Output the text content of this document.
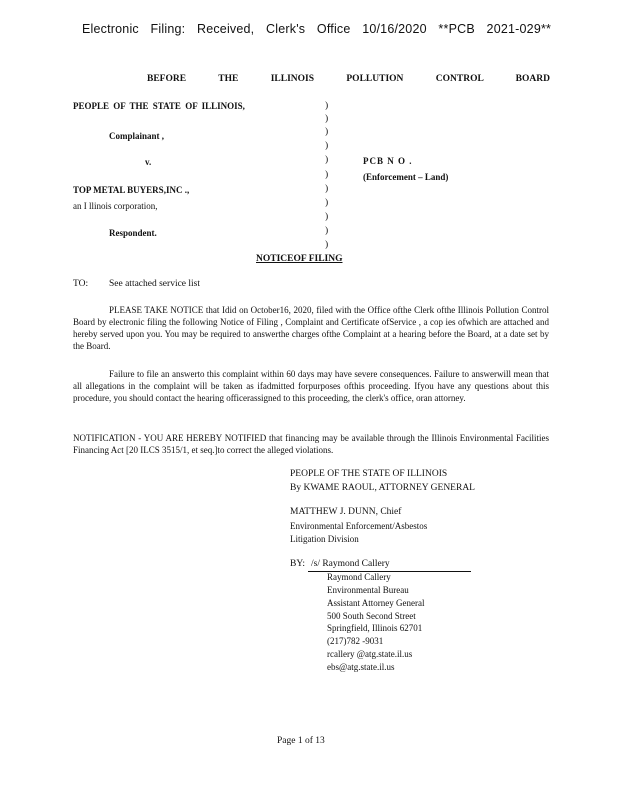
Electronic Filing: Received, Clerk's Office 10/16/2020 **PCB 2021-029**
BEFORE THE ILLINOIS POLLUTION CONTROL BOARD
PEOPLE OF THE STATE OF ILLINOIS,
Complainant ,
v.
TOP METAL BUYERS,INC .,
an I llinois corporation,
Respondent.
)
)
)
)
)
)
)
)
)
)
PCB N O .
(Enforcement – Land)
NOTICEOF FILING
TO: See attached service list
PLEASE TAKE NOTICE that Idid on October16, 2020, filed with the Office ofthe Clerk ofthe Illinois Pollution Control Board by electronic filing the following Notice of Filing , Complaint and Certificate ofService , a cop ies ofwhich are attached and hereby served upon you. You may be required to answerthe charges ofthe Complaint at a hearing before the Board, at a date set by the Board.
Failure to file an answerto this complaint within 60 days may have severe consequences. Failure to answerwill mean that all allegations in the complaint will be taken as ifadmitted forpurposes ofthis proceeding. Ifyou have any questions about this procedure, you should contact the hearing officerassigned to this proceeding, the clerk's office, oran attorney.
NOTIFICATION - YOU ARE HEREBY NOTIFIED that financing may be available through the Illinois Environmental Facilities Financing Act [20 ILCS 3515/1, et seq.]to correct the alleged violations.
PEOPLE OF THE STATE OF ILLINOIS
By KWAME RAOUL, ATTORNEY GENERAL
MATTHEW J. DUNN, Chief
Environmental Enforcement/Asbestos
Litigation Division
BY: /s/ Raymond Callery
Raymond Callery
Environmental Bureau
Assistant Attorney General
500 South Second Street
Springfield, Illinois 62701
(217)782 -9031
rcallery @atg.state.il.us
ebs@atg.state.il.us
Page 1 of 13
)
